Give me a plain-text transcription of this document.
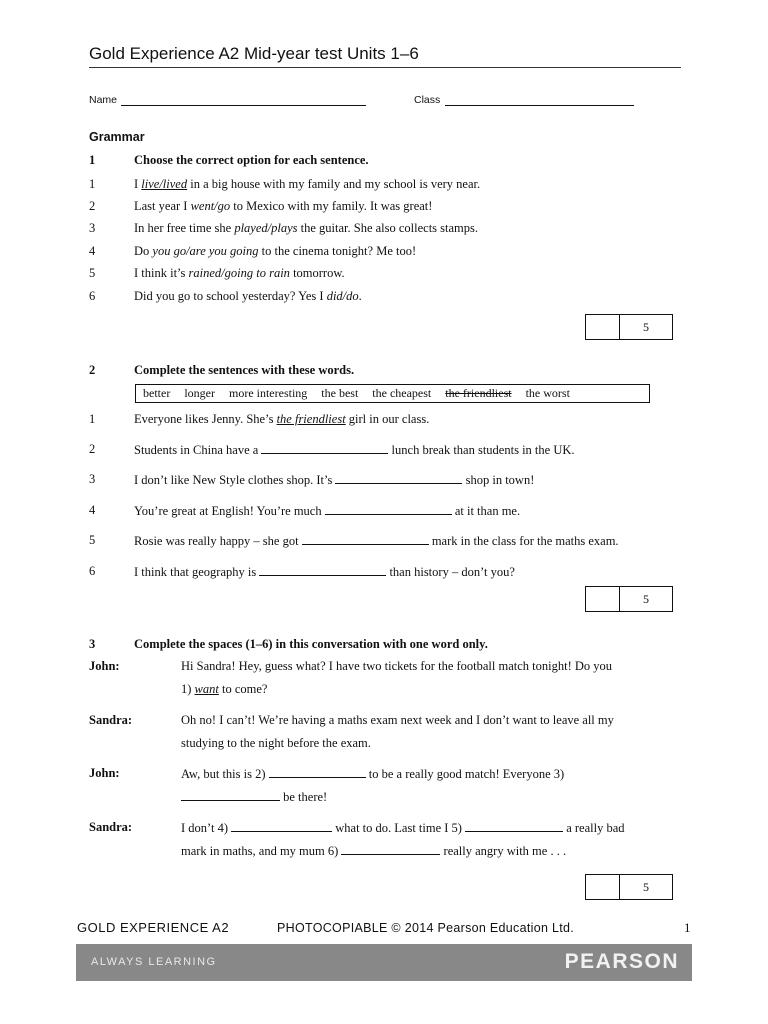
Gold Experience A2 Mid-year test Units 1–6
Name	Class
Grammar
1	Choose the correct option for each sentence.
1	I live/lived in a big house with my family and my school is very near.
2	Last year I went/go to Mexico with my family. It was great!
3	In her free time she played/plays the guitar. She also collects stamps.
4	Do you go/are you going to the cinema tonight? Me too!
5	I think it’s rained/going to rain tomorrow.
6	Did you go to school yesterday? Yes I did/do.
5
2	Complete the sentences with these words.
better longer more interesting the best the cheapest the friendliest the worst
1	Everyone likes Jenny. She’s the friendliest girl in our class.
2	Students in China have a	lunch break than students in the UK.
3	I don’t like New Style clothes shop. It’s	shop in town!
4	You’re great at English! You’re much	at it than me.
5	Rosie was really happy – she got	mark in the class for the maths exam.
6	I think that geography is	than history – don’t you?
5
3	Complete the spaces (1–6) in this conversation with one word only.
John:	Hi Sandra! Hey, guess what? I have two tickets for the football match tonight! Do you
1) want to come?
Sandra:	Oh no! I can’t! We’re having a maths exam next week and I don’t want to leave all my
studying to the night before the exam.
John:	Aw, but this is 2)	to be a really good match! Everyone 3)
be there!
Sandra:	I don’t 4)	what to do. Last time I 5)	a really bad
mark in maths, and my mum 6)	really angry with me . . .
5
GOLD EXPERIENCE A2	PHOTOCOPIABLE © 2014 Pearson Education Ltd.	1
ALWAYS LEARNING	PEARSON
